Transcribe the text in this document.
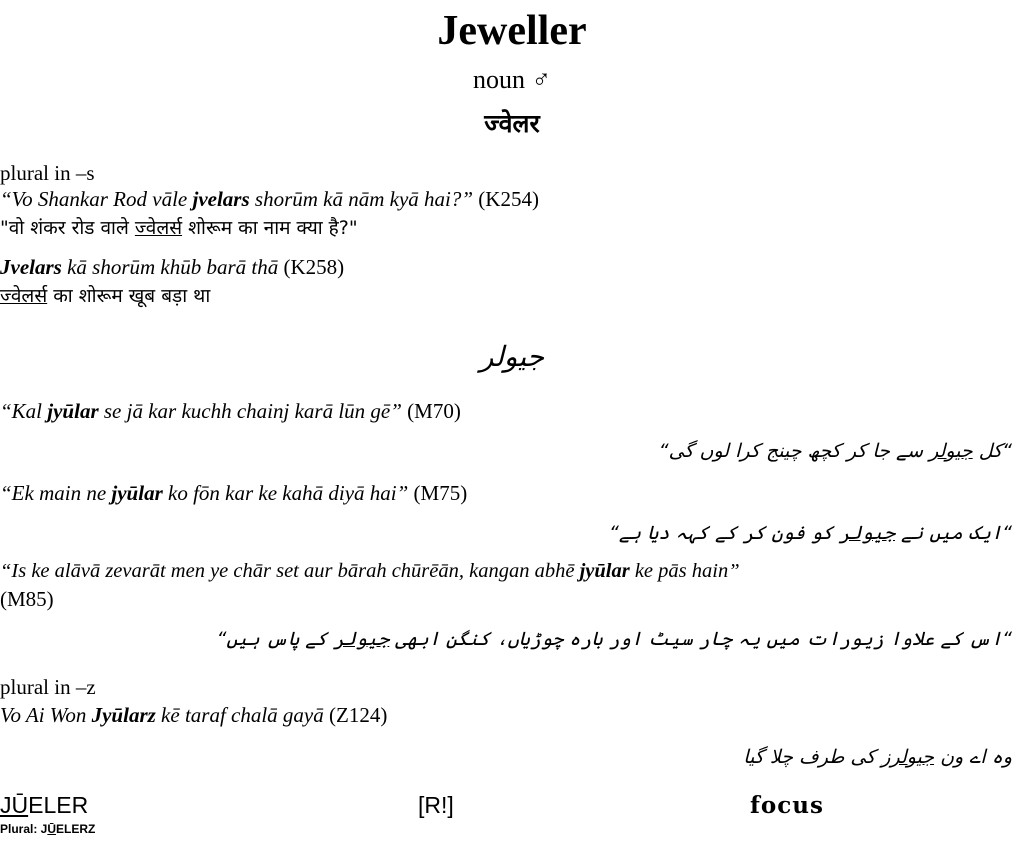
Jeweller
noun ♂
ज्वेलर
plural in –s
“Vo Shankar Rod vāle jvelars shorūm kā nām kyā hai?” (K254)
"वो शंकर रोड वाले ज्वेलर्स शोरूम का नाम क्या है?"
Jvelars kā shorūm khūb barā thā (K258)
ज्वेलर्स का शोरूम खूब बड़ा था
جیولر
“Kal jyūlar se jā kar kuchh chainj karā lūn gē” (M70)
“کل جیولر سے جا کر کچھ چینج کرا لوں گی“
“Ek main ne jyūlar ko fōn kar ke kahā diyā hai” (M75)
“ایک میں نے جیولر کو فون کر کے کہہ دیا ہے“
“Is ke alāvā zevarāt men ye chār set aur bārah chūrēān, kangan abhē jyūlar ke pās hain”
(M85)
“اس کے علاوا زیورات میں یہ چار سیٹ اور بارہ چوڑیاں، کنگن ابھی جیولر کے پاس ہیں“
plural in –z
Vo Ai Won Jyūlarz kē taraf chalā gayā (Z124)
وہ اے ون جیولرز کی طرف چلا گیا
JŪELER	[R!]	focus
Plural: JŪELERZ
